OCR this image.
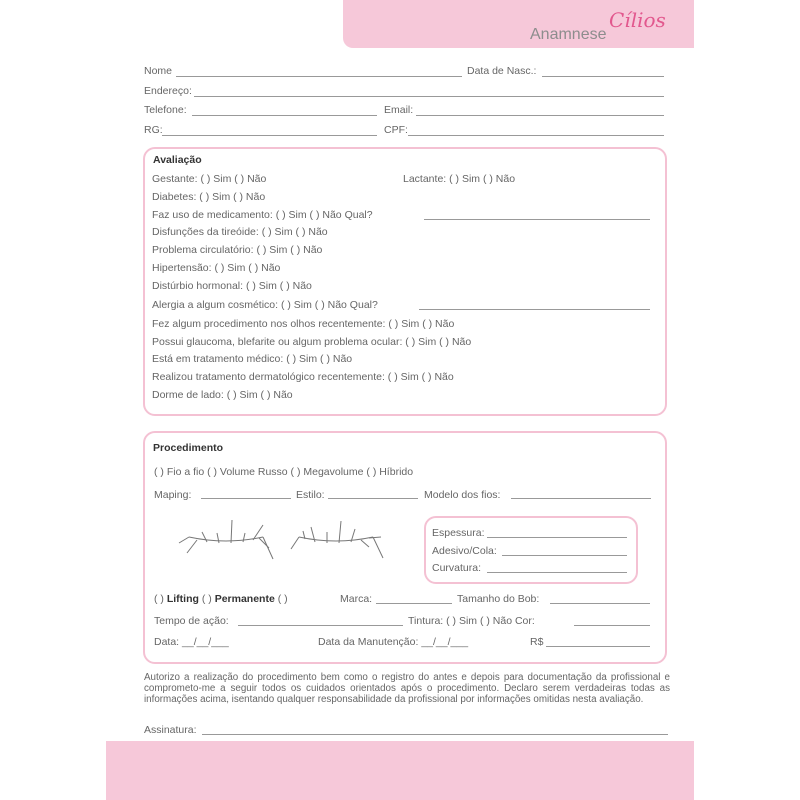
Anamnese
Cílios
Nome	Data de Nasc.:
Endereço:
Telefone:	Email:
RG:	CPF:
Avaliação
Gestante: ( ) Sim ( ) Não	Lactante: ( ) Sim ( ) Não
Diabetes: ( ) Sim ( ) Não
Faz uso de medicamento: ( ) Sim ( ) Não Qual?
Disfunções da tireóide: ( ) Sim ( ) Não
Problema circulatório: ( ) Sim ( ) Não
Hipertensão: ( ) Sim ( ) Não
Distúrbio hormonal: ( ) Sim ( ) Não
Alergia a algum cosmético: ( ) Sim ( ) Não Qual?
Fez algum procedimento nos olhos recentemente: ( ) Sim ( ) Não
Possui glaucoma, blefarite ou algum problema ocular: ( ) Sim ( ) Não
Está em tratamento médico: ( ) Sim ( ) Não
Realizou tratamento dermatológico recentemente: ( ) Sim ( ) Não
Dorme de lado: ( ) Sim ( ) Não
Procedimento
( ) Fio a fio ( ) Volume Russo ( ) Megavolume ( ) Híbrido
Maping:	Estilo:	Modelo dos fios:
Espessura:
Adesivo/Cola:
Curvatura:
( ) Lifting ( ) Permanente ( )	Marca:	Tamanho do Bob:
Tempo de ação:	Tintura: ( ) Sim ( ) Não Cor:
Data: __/__/___	Data da Manutenção: __/__/___	R$
Autorizo a realização do procedimento bem como o registro do antes e depois para documentação da profissional e comprometo-me a seguir todos os cuidados orientados após o procedimento. Declaro serem verdadeiras todas as informações acima, isentando qualquer responsabilidade da profissional por informações omitidas nesta avaliação.
Assinatura:
